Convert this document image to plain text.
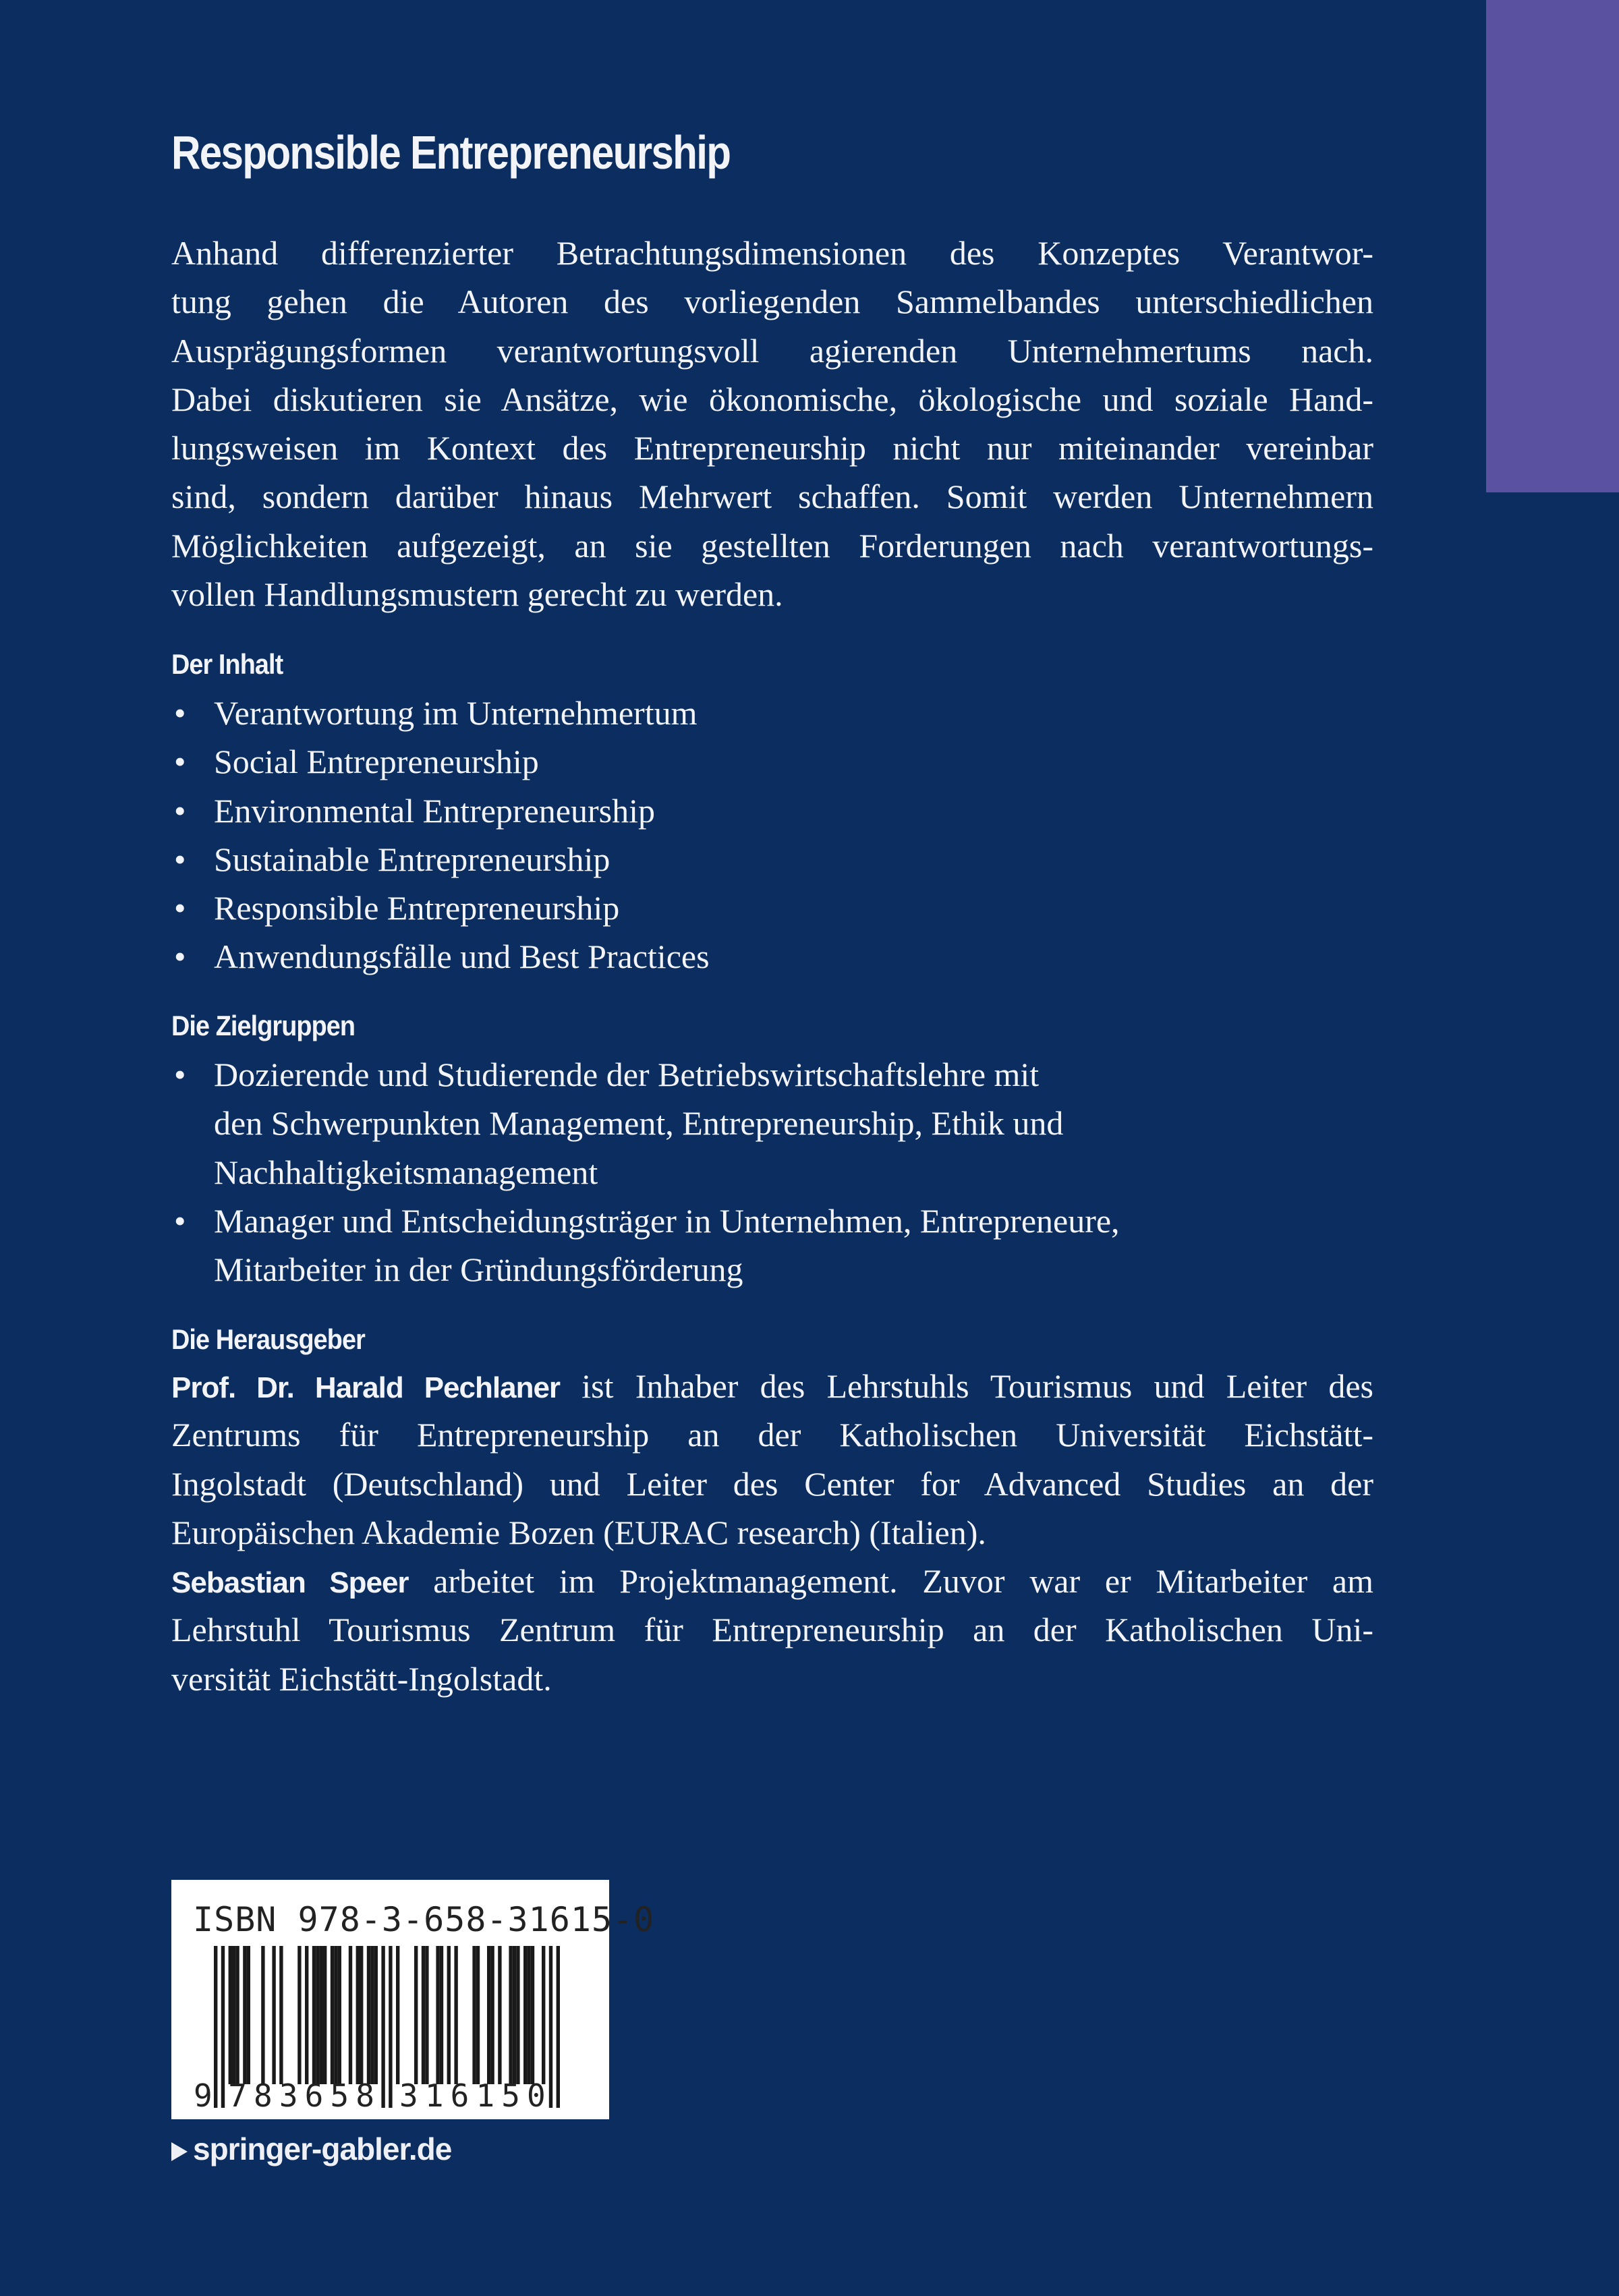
Responsible Entrepreneurship
Anhand differenzierter Betrachtungsdimensionen des Konzeptes Verantwor-
tung gehen die Autoren des vorliegenden Sammelbandes unterschiedlichen
Ausprägungsformen verantwortungsvoll agierenden Unternehmertums nach.
Dabei diskutieren sie Ansätze, wie ökonomische, ökologische und soziale Hand-
lungsweisen im Kontext des Entrepreneurship nicht nur miteinander vereinbar
sind, sondern darüber hinaus Mehrwert schaffen. Somit werden Unternehmern
Möglichkeiten aufgezeigt, an sie gestellten Forderungen nach verantwortungs-
vollen Handlungsmustern gerecht zu werden.
Der Inhalt
• Verantwortung im Unternehmertum
• Social Entrepreneurship
• Environmental Entrepreneurship
• Sustainable Entrepreneurship
• Responsible Entrepreneurship
• Anwendungsfälle und Best Practices
Die Zielgruppen
• Dozierende und Studierende der Betriebswirtschaftslehre mit
den Schwerpunkten Management, Entrepreneurship, Ethik und
Nachhaltigkeitsmanagement
• Manager und Entscheidungsträger in Unternehmen, Entrepreneure,
Mitarbeiter in der Gründungsförderung
Die Herausgeber
Prof. Dr. Harald Pechlaner ist Inhaber des Lehrstuhls Tourismus und Leiter des
Zentrums für Entrepreneurship an der Katholischen Universität Eichstätt-
Ingolstadt (Deutschland) und Leiter des Center for Advanced Studies an der
Europäischen Akademie Bozen (EURAC research) (Italien).
Sebastian Speer arbeitet im Projektmanagement. Zuvor war er Mitarbeiter am
Lehrstuhl Tourismus Zentrum für Entrepreneurship an der Katholischen Uni-
versität Eichstätt-Ingolstadt.
ISBN 978-3-658-31615-0
9 7 8 3 6 5 8 3 1 6 1 5 0
springer-gabler.de
